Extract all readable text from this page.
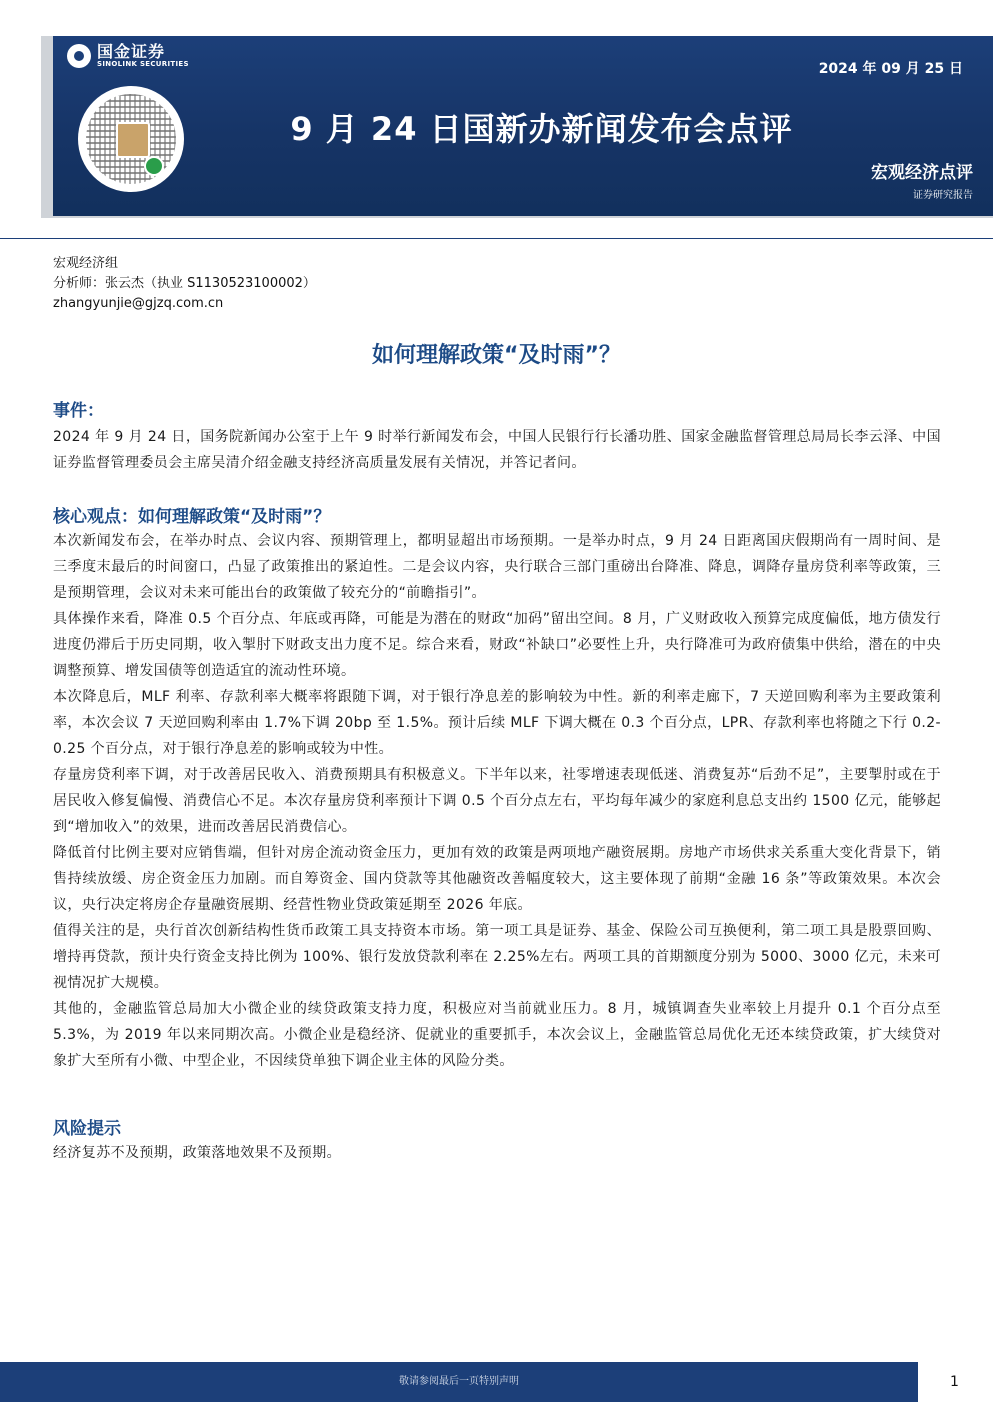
国金证券
SINOLINK SECURITIES	2024 年 09 月 25 日
9 月 24 日国新办新闻发布会点评
宏观经济点评
证券研究报告
宏观经济组
分析师：张云杰（执业 S1130523100002）
zhangyunjie@gjzq.com.cn
如何理解政策“及时雨”？
事件：

2024 年 9 月 24 日，国务院新闻办公室于上午 9 时举行新闻发布会，中国人民银行行长潘功胜、国家金融监督管理总局局长李云泽、中国证券监督管理委员会主席吴清介绍金融支持经济高质量发展有关情况，并答记者问。

核心观点：如何理解政策“及时雨”？

本次新闻发布会，在举办时点、会议内容、预期管理上，都明显超出市场预期。一是举办时点，9 月 24 日距离国庆假期尚有一周时间、是三季度末最后的时间窗口，凸显了政策推出的紧迫性。二是会议内容，央行联合三部门重磅出台降准、降息，调降存量房贷利率等政策，三是预期管理，会议对未来可能出台的政策做了较充分的“前瞻指引”。

具体操作来看，降准 0.5 个百分点、年底或再降，可能是为潜在的财政“加码”留出空间。8 月，广义财政收入预算完成度偏低，地方债发行进度仍滞后于历史同期，收入掣肘下财政支出力度不足。综合来看，财政“补缺口”必要性上升，央行降准可为政府债集中供给，潜在的中央调整预算、增发国债等创造适宜的流动性环境。

本次降息后，MLF 利率、存款利率大概率将跟随下调，对于银行净息差的影响较为中性。新的利率走廊下，7 天逆回购利率为主要政策利率，本次会议 7 天逆回购利率由 1.7%下调 20bp 至 1.5%。预计后续 MLF 下调大概在 0.3 个百分点，LPR、存款利率也将随之下行 0.2-0.25 个百分点，对于银行净息差的影响或较为中性。

存量房贷利率下调，对于改善居民收入、消费预期具有积极意义。下半年以来，社零增速表现低迷、消费复苏“后劲不足”，主要掣肘或在于居民收入修复偏慢、消费信心不足。本次存量房贷利率预计下调 0.5 个百分点左右，平均每年减少的家庭利息总支出约 1500 亿元，能够起到“增加收入”的效果，进而改善居民消费信心。

降低首付比例主要对应销售端，但针对房企流动资金压力，更加有效的政策是两项地产融资展期。房地产市场供求关系重大变化背景下，销售持续放缓、房企资金压力加剧。而自筹资金、国内贷款等其他融资改善幅度较大，这主要体现了前期“金融 16 条”等政策效果。本次会议，央行决定将房企存量融资展期、经营性物业贷政策延期至 2026 年底。

值得关注的是，央行首次创新结构性货币政策工具支持资本市场。第一项工具是证券、基金、保险公司互换便利，第二项工具是股票回购、增持再贷款，预计央行资金支持比例为 100%、银行发放贷款利率在 2.25%左右。两项工具的首期额度分别为 5000、3000 亿元，未来可视情况扩大规模。

其他的，金融监管总局加大小微企业的续贷政策支持力度，积极应对当前就业压力。8 月，城镇调查失业率较上月提升 0.1 个百分点至 5.3%，为 2019 年以来同期次高。小微企业是稳经济、促就业的重要抓手，本次会议上，金融监管总局优化无还本续贷政策，扩大续贷对象扩大至所有小微、中型企业，不因续贷单独下调企业主体的风险分类。

风险提示

经济复苏不及预期，政策落地效果不及预期。

敬请参阅最后一页特别声明	1
